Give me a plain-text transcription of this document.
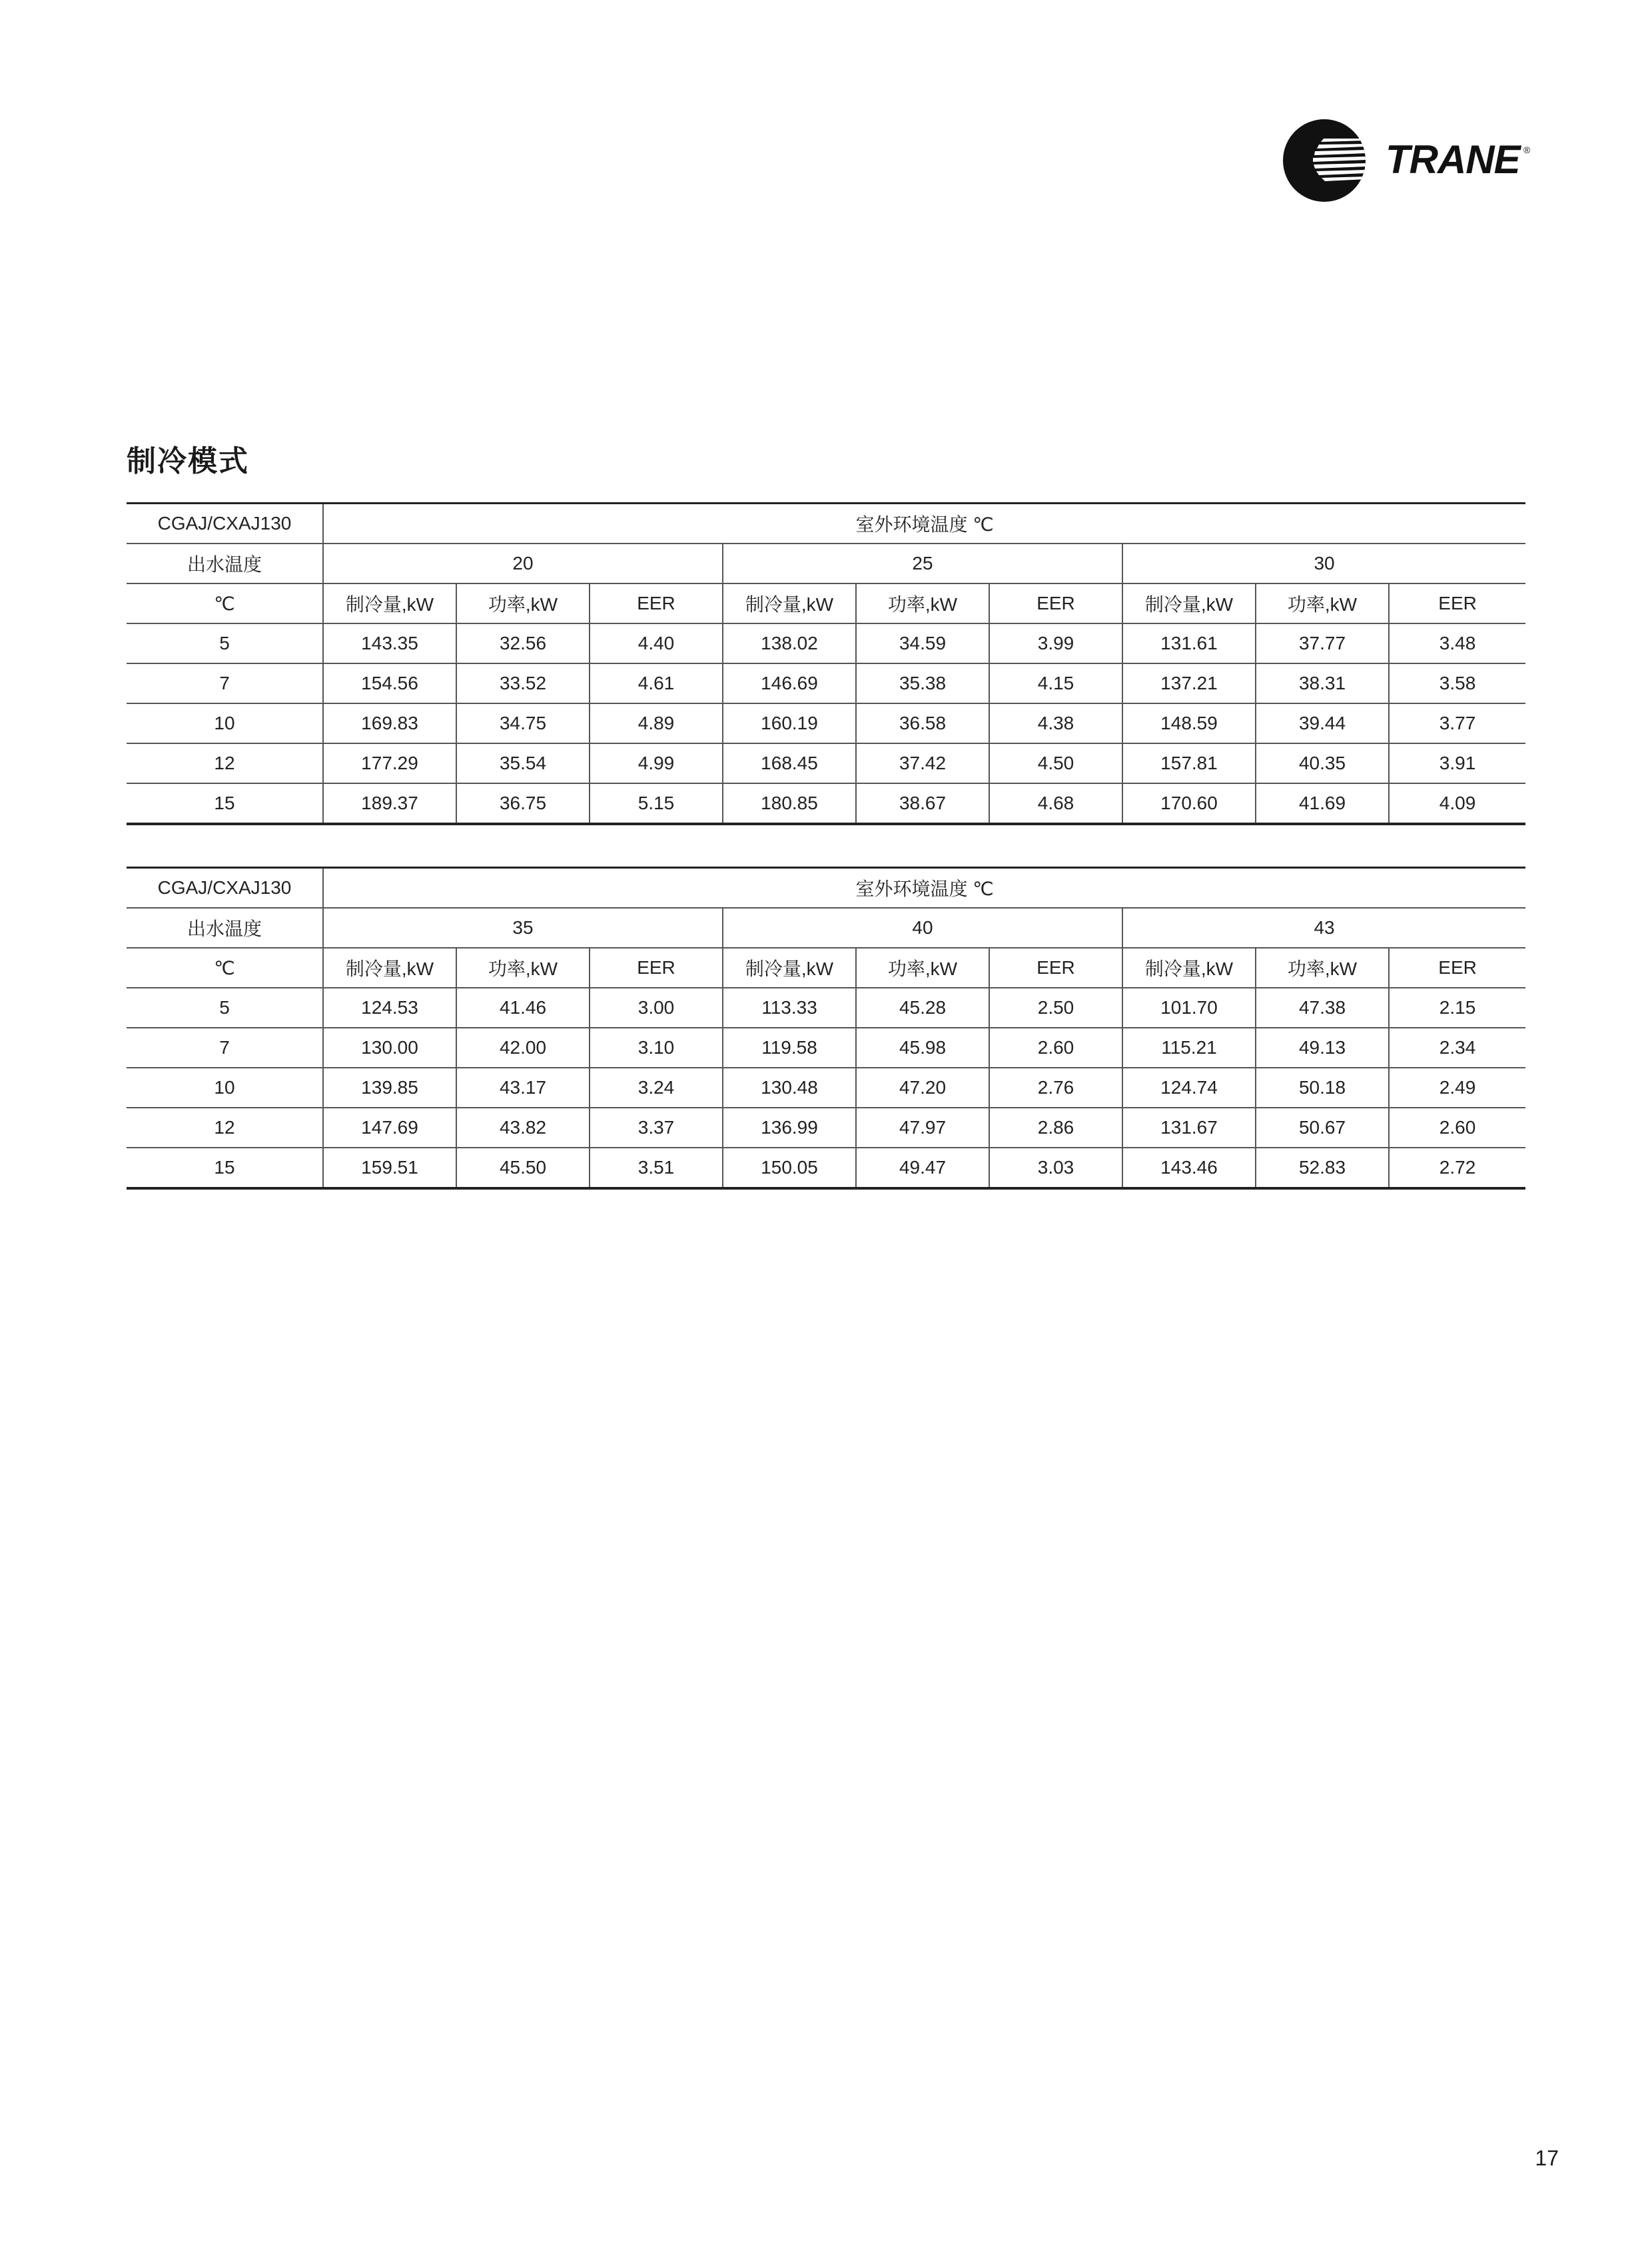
TRANE ®
制冷模式
CGAJ/CXAJ130	室外环境温度 ℃								
出水温度	20			25			30		
℃	制冷量,kW	功率,kW	EER	制冷量,kW	功率,kW	EER	制冷量,kW	功率,kW	EER
5	143.35	32.56	4.40	138.02	34.59	3.99	131.61	37.77	3.48
7	154.56	33.52	4.61	146.69	35.38	4.15	137.21	38.31	3.58
10	169.83	34.75	4.89	160.19	36.58	4.38	148.59	39.44	3.77
12	177.29	35.54	4.99	168.45	37.42	4.50	157.81	40.35	3.91
15	189.37	36.75	5.15	180.85	38.67	4.68	170.60	41.69	4.09
CGAJ/CXAJ130	室外环境温度 ℃								
出水温度	35			40			43		
℃	制冷量,kW	功率,kW	EER	制冷量,kW	功率,kW	EER	制冷量,kW	功率,kW	EER
5	124.53	41.46	3.00	113.33	45.28	2.50	101.70	47.38	2.15
7	130.00	42.00	3.10	119.58	45.98	2.60	115.21	49.13	2.34
10	139.85	43.17	3.24	130.48	47.20	2.76	124.74	50.18	2.49
12	147.69	43.82	3.37	136.99	47.97	2.86	131.67	50.67	2.60
15	159.51	45.50	3.51	150.05	49.47	3.03	143.46	52.83	2.72
17
